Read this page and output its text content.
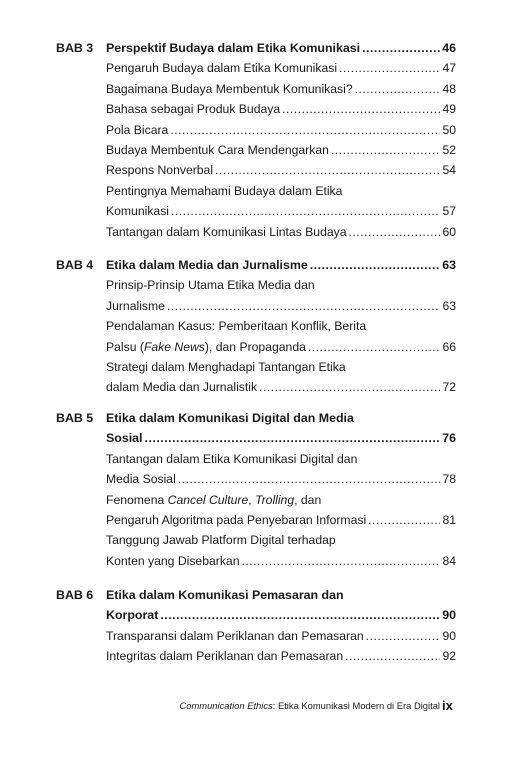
BAB 3 Perspektif Budaya dalam Etika Komunikasi .....	46
Pengaruh Budaya dalam Etika Komunikasi .....	47
Bagaimana Budaya Membentuk Komunikasi? .....	48
Bahasa sebagai Produk Budaya .....	49
Pola Bicara .....	50
Budaya Membentuk Cara Mendengarkan .....	52
Respons Nonverbal .....	54
Pentingnya Memahami Budaya dalam Etika
Komunikasi .....	57
Tantangan dalam Komunikasi Lintas Budaya .....	60
BAB 4 Etika dalam Media dan Jurnalisme .....	63
Prinsip-Prinsip Utama Etika Media dan
Jurnalisme .....	63
Pendalaman Kasus: Pemberitaan Konflik, Berita
Palsu (Fake News), dan Propaganda .....	66
Strategi dalam Menghadapi Tantangan Etika
dalam Media dan Jurnalistik .....	72
BAB 5 Etika dalam Komunikasi Digital dan Media
Sosial .....	76
Tantangan dalam Etika Komunikasi Digital dan
Media Sosial .....	78
Fenomena Cancel Culture, Trolling, dan
Pengaruh Algoritma pada Penyebaran Informasi .....	81
Tanggung Jawab Platform Digital terhadap
Konten yang Disebarkan .....	84
BAB 6 Etika dalam Komunikasi Pemasaran dan
Korporat .....	90
Transparansi dalam Periklanan dan Pemasaran .....	90
Integritas dalam Periklanan dan Pemasaran .....	92
Communication Ethics: Etika Komunikasi Modern di Era Digital ix
